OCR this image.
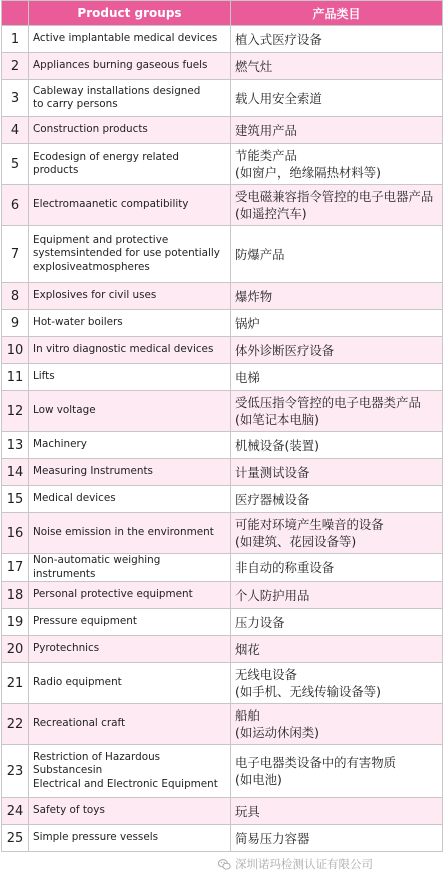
	Product groups	产品类目
1	Active implantable medical devices	植入式医疗设备
2	Appliances burning gaseous fuels	燃气灶
3	Cableway installations designed
to carry persons	载人用安全索道
4	Construction products	建筑用产品
5	Ecodesign of energy related products	节能类产品
(如窗户，绝缘隔热材料等)
6	Electromaanetic compatibility	受电磁兼容指令管控的电子电器产品
(如遥控汽车)
7	Equipment and protective
systemsintended for use potentially
explosiveatmospheres	防爆产品
8	Explosives for civil uses	爆炸物
9	Hot-water boilers	锅炉
10	In vitro diagnostic medical devices	体外诊断医疗设备
11	Lifts	电梯
12	Low voltage	受低压指令管控的电子电器类产品
(如笔记本电脑)
13	Machinery	机械设备(装置)
14	Measuring Instruments	计量测试设备
15	Medical devices	医疗器械设备
16	Noise emission in the environment	可能对环境产生噪音的设备
(如建筑、花园设备等)
17	Non-automatic weighing instruments	非自动的称重设备
18	Personal protective equipment	个人防护用品
19	Pressure equipment	压力设备
20	Pyrotechnics	烟花
21	Radio equipment	无线电设备
(如手机、无线传输设备等)
22	Recreational craft	船舶
(如运动休闲类)
23	Restriction of Hazardous Substancesin
Electrical and Electronic Equipment	电子电器类设备中的有害物质
(如电池)
24	Safety of toys	玩具
25	Simple pressure vessels	简易压力容器
深圳诺玛检测认证有限公司
